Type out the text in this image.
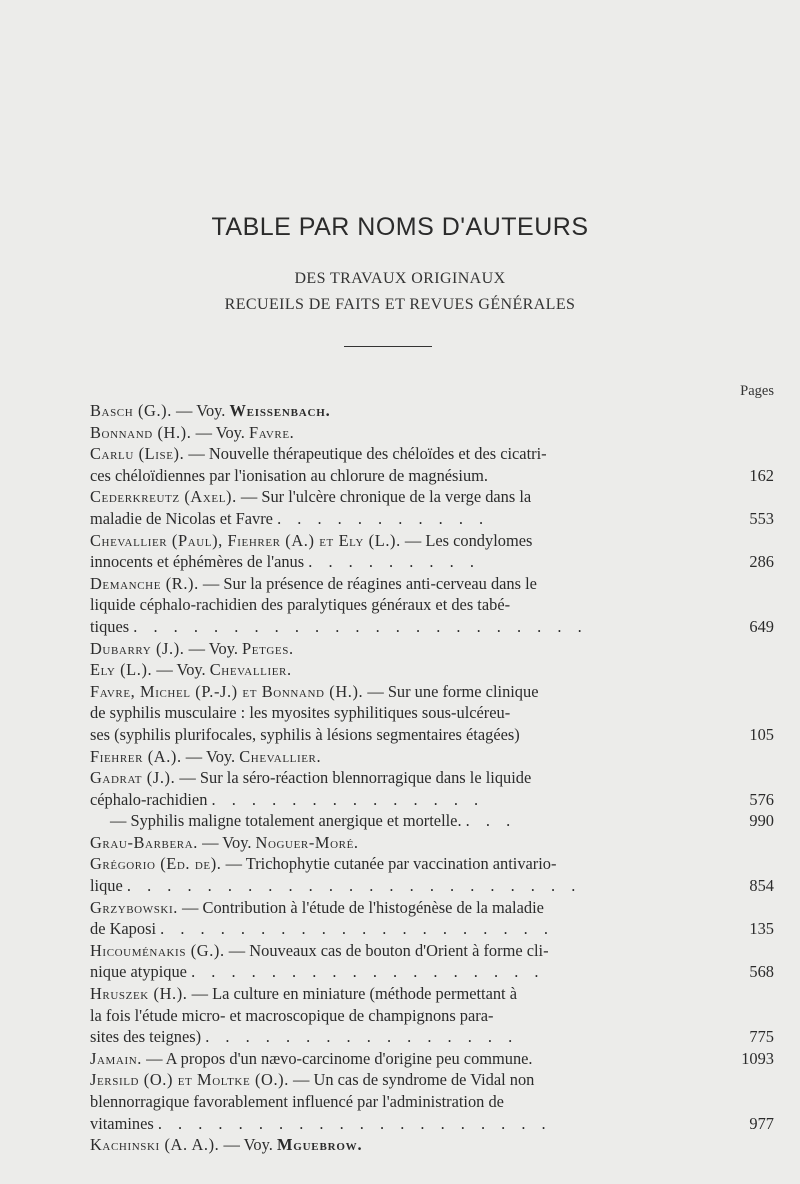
TABLE PAR NOMS D'AUTEURS
DES TRAVAUX ORIGINAUX
RECUEILS DE FAITS ET REVUES GÉNÉRALES
Pages
Basch (G.). — Voy. Weissenbach.
Bonnand (H.). — Voy. Favre.
Carlu (Lise). — Nouvelle thérapeutique des chéloïdes et des cicatri-
ces chéloïdiennes par l'ionisation au chlorure de magnésium.	162
Cederkreutz (Axel). — Sur l'ulcère chronique de la verge dans la
maladie de Nicolas et Favre . . . . . . . . . . .	553
Chevallier (Paul), Fiehrer (A.) et Ely (L.). — Les condylomes
innocents et éphémères de l'anus . . . . . . . . .	286
Demanche (R.). — Sur la présence de réagines anti-cerveau dans le
liquide céphalo-rachidien des paralytiques généraux et des tabé-
tiques . . . . . . . . . . . . . . . . . . . . . . .	649
Dubarry (J.). — Voy. Petges.
Ely (L.). — Voy. Chevallier.
Favre, Michel (P.-J.) et Bonnand (H.). — Sur une forme clinique
de syphilis musculaire : les myosites syphilitiques sous-ulcéreu-
ses (syphilis plurifocales, syphilis à lésions segmentaires étagées)	105
Fiehrer (A.). — Voy. Chevallier.
Gadrat (J.). — Sur la séro-réaction blennorragique dans le liquide
céphalo-rachidien . . . . . . . . . . . . . .	576
— Syphilis maligne totalement anergique et mortelle. . . .	990
Grau-Barbera. — Voy. Noguer-Moré.
Grégorio (Ed. de). — Trichophytie cutanée par vaccination antivario-
lique . . . . . . . . . . . . . . . . . . . . . . .	854
Grzybowski. — Contribution à l'étude de l'histogénèse de la maladie
de Kaposi . . . . . . . . . . . . . . . . . . . .	135
Hicouménakis (G.). — Nouveaux cas de bouton d'Orient à forme cli-
nique atypique . . . . . . . . . . . . . . . . . .	568
Hruszek (H.). — La culture en miniature (méthode permettant à
la fois l'étude micro- et macroscopique de champignons para-
sites des teignes) . . . . . . . . . . . . . . . .	775
Jamain. — A propos d'un nævo-carcinome d'origine peu commune.	1093
Jersild (O.) et Moltke (O.). — Un cas de syndrome de Vidal non
blennorragique favorablement influencé par l'administration de
vitamines . . . . . . . . . . . . . . . . . . . .	977
Kachinski (A. A.). — Voy. Mguebrow.
